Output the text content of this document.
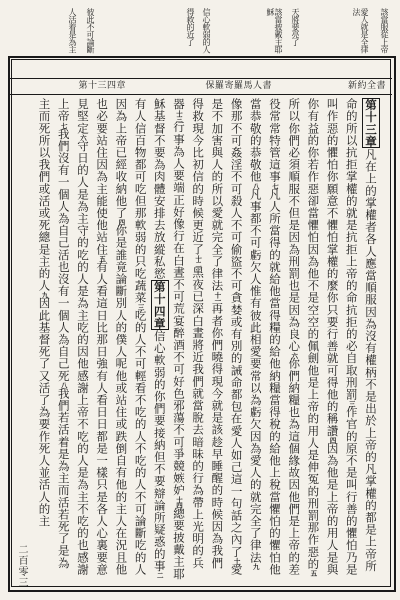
該當服從上帝
愛人就是全律法
天將要亮了
該當披戴主耶穌
信心軟弱的人
得救的近了
彼此不可論斷
人活着是為主
新約全書
保羅寄羅馬人書
第十三四章

第十三章凡在上的掌權者各人應當順服因為沒有權柄不是出於上帝的凡掌權的都是上帝所命的所以抗拒掌權的就是抗拒上帝的命抗拒的必自取刑罰三作官的原不是叫行善的懼怕乃是叫作惡的懼怕你願意不懼怕掌權的麼你只要行善就可得他的稱讚四因為他是上帝的用人是與你有益的你若作惡卻當懼怕因為他不是空空的佩劍他是上帝的用人是伸冤的刑罰那作惡的五所以你們必須順服不但是因為刑罰也是因為良心六你們納糧也為這個緣故因他們是上帝的差役常常特管這事七凡人所當得的就給他當得糧的給他納糧當得稅的給他上稅當懼怕的懼怕他當恭敬的恭敬他八凡事都不可虧欠人惟有彼此相愛要常以為虧欠因為愛人的就完全了律法九像那不可姦淫不可殺人不可偷盜不可貪婪或有別的誡命都包在愛人如己這一句話之內了十愛是不加害與人的所以愛就完全了律法十一再者你們曉得現今就是該趁早睡醒的時候因為我們得救現今比初信的時候更近了十二黑夜已深白晝將近我們就當脫去暗昧的行為帶上光明的兵器十三行事為人要端正好像行在白晝不可荒宴醉酒不可好色邪蕩不可爭競嫉妒十四總要披戴主耶穌基督不要為肉體安排去放縱私慾第十四章信心軟弱的你們要接納但不要辯論所疑惑的事二有人信百物都可吃但那軟弱的只吃蔬菜三吃的人不可輕看不吃的人不吃的人不可論斷吃的人因為上帝已經收納他了四你是誰竟論斷別人的僕人呢他或站住或跌倒自有他的主人在況且他也必要站住因為主能使他站住五有人看這日比那日強有人看日日都是一樣只是各人心裏要意見堅定六守日的人是為主守的吃的人是為主吃的因他感謝上帝不吃的人是為主不吃的也感謝上帝七我們沒有一個人為自己活也沒有一個人為自己死八我們若活着是為主而活若死了是為主而死所以我們或活或死總是主的人九因此基督死了又活了為要作死人並活人的主

二百零三
